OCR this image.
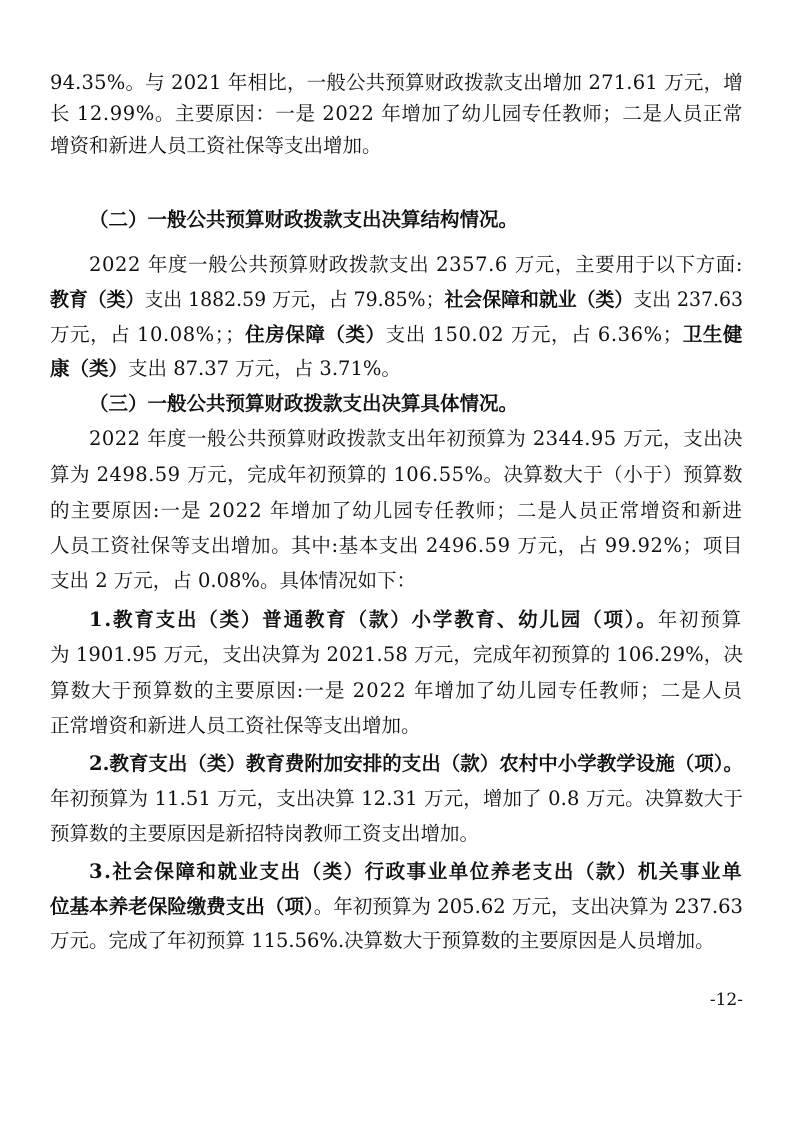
94.35%。与 2021 年相比，一般公共预算财政拨款支出增加 271.61 万元，增
长 12.99%。主要原因：一是 2022 年增加了幼儿园专任教师；二是人员正常
增资和新进人员工资社保等支出增加。
（二）一般公共预算财政拨款支出决算结构情况。
2022 年度一般公共预算财政拨款支出 2357.6 万元，主要用于以下方面:
教育（类）支出 1882.59 万元，占 79.85%；社会保障和就业（类）支出 237.63
万元，占 10.08%；；住房保障（类）支出 150.02 万元，占 6.36%；卫生健
康（类）支出 87.37 万元，占 3.71%。
（三）一般公共预算财政拨款支出决算具体情况。
2022 年度一般公共预算财政拨款支出年初预算为 2344.95 万元，支出决
算为 2498.59 万元，完成年初预算的 106.55%。决算数大于（小于）预算数
的主要原因:一是 2022 年增加了幼儿园专任教师；二是人员正常增资和新进
人员工资社保等支出增加。其中:基本支出 2496.59 万元，占 99.92%；项目
支出 2 万元，占 0.08%。具体情况如下：
1.教育支出（类）普通教育（款）小学教育、幼儿园（项）。年初预算
为 1901.95 万元，支出决算为 2021.58 万元，完成年初预算的 106.29%，决
算数大于预算数的主要原因:一是 2022 年增加了幼儿园专任教师；二是人员
正常增资和新进人员工资社保等支出增加。
2.教育支出（类）教育费附加安排的支出（款）农村中小学教学设施（项）。
年初预算为 11.51 万元，支出决算 12.31 万元，增加了 0.8 万元。决算数大于
预算数的主要原因是新招特岗教师工资支出增加。
3.社会保障和就业支出（类）行政事业单位养老支出（款）机关事业单
位基本养老保险缴费支出（项）。年初预算为 205.62 万元，支出决算为 237.63
万元。完成了年初预算 115.56%.决算数大于预算数的主要原因是人员增加。
-12-
